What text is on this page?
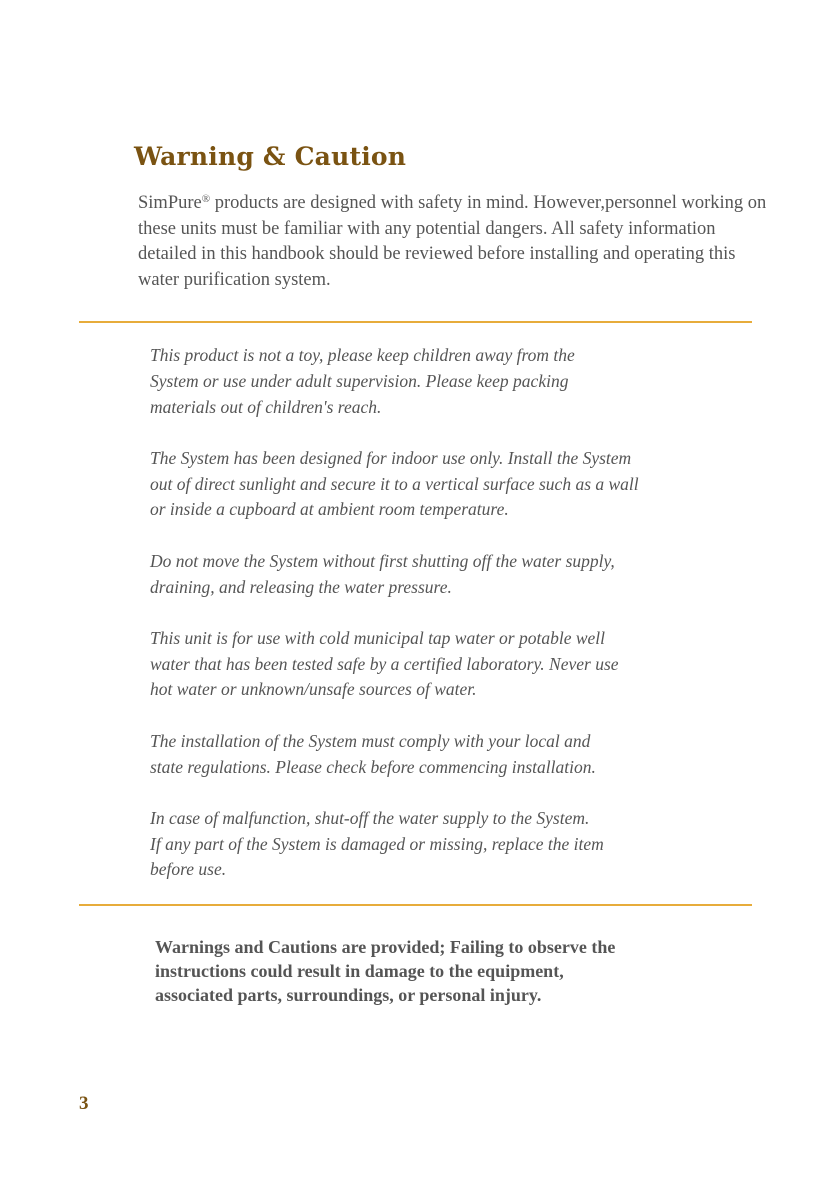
Warning & Caution

SimPure® products are designed with safety in mind. However,personnel working on these units must be familiar with any potential dangers. All safety information detailed in this handbook should be reviewed before installing and operating this water purification system.

This product is not a toy, please keep children away from the
System or use under adult supervision. Please keep packing
materials out of children's reach.
The System has been designed for indoor use only. Install the System
out of direct sunlight and secure it to a vertical surface such as a wall
or inside a cupboard at ambient room temperature.
Do not move the System without first shutting off the water supply,
draining, and releasing the water pressure.
This unit is for use with cold municipal tap water or potable well
water that has been tested safe by a certified laboratory. Never use
hot water or unknown/unsafe sources of water.
The installation of the System must comply with your local and
state regulations. Please check before commencing installation.
In case of malfunction, shut-off the water supply to the System.
If any part of the System is damaged or missing, replace the item
before use.

Warnings and Cautions are provided; Failing to observe the
instructions could result in damage to the equipment,
associated parts, surroundings, or personal injury.

3
